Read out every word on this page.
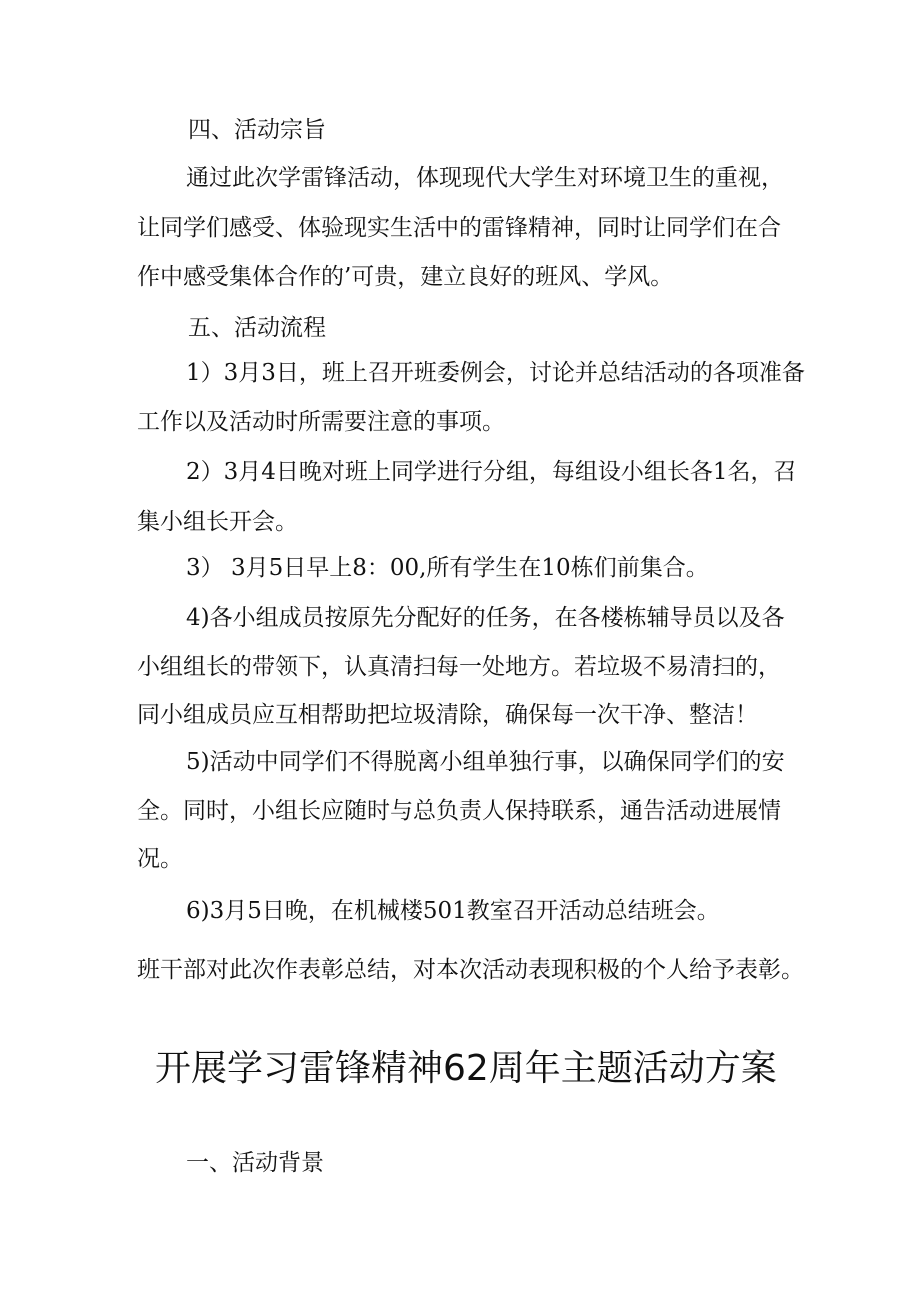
四、活动宗旨
通过此次学雷锋活动，体现现代大学生对环境卫生的重视，
让同学们感受、体验现实生活中的雷锋精神，同时让同学们在合
作中感受集体合作的’可贵，建立良好的班风、学风。
五、活动流程
1）3月3日，班上召开班委例会，讨论并总结活动的各项准备
工作以及活动时所需要注意的事项。
2）3月4日晚对班上同学进行分组，每组设小组长各1名，召
集小组长开会。
3） 3月5日早上8：00,所有学生在10栋们前集合。
4)各小组成员按原先分配好的任务，在各楼栋辅导员以及各
小组组长的带领下，认真清扫每一处地方。若垃圾不易清扫的，
同小组成员应互相帮助把垃圾清除，确保每一次干净、整洁！
5)活动中同学们不得脱离小组单独行事，以确保同学们的安
全。同时，小组长应随时与总负责人保持联系，通告活动进展情
况。
6)3月5日晚，在机械楼501教室召开活动总结班会。
班干部对此次作表彰总结，对本次活动表现积极的个人给予表彰。
开展学习雷锋精神62周年主题活动方案
一、活动背景
